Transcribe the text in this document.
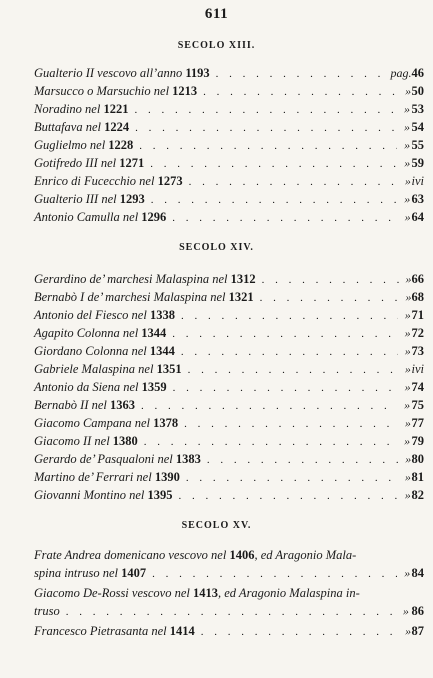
611
SECOLO XIII.
Gualterio II vescovo all’anno 1193 . . .	pag. 46
Marsucco o Marsuchio nel 1213 . . .	» 50
Noradino nel 1221 . . .	» 53
Buttafava nel 1224 . . .	» 54
Guglielmo nel 1228 . . .	» 55
Gotifredo III nel 1271 . . .	» 59
Enrico di Fucecchio nel 1273 . . .	» ivi
Gualterio III nel 1293 . . .	» 63
Antonio Camulla nel 1296 . . .	» 64
SECOLO XIV.
Gerardino de’ marchesi Malaspina nel 1312 . . .	» 66
Bernabò I de’ marchesi Malaspina nel 1321 . . .	» 68
Antonio del Fiesco nel 1338 . . .	» 71
Agapito Colonna nel 1344 . . .	» 72
Giordano Colonna nel 1344 . . .	» 73
Gabriele Malaspina nel 1351 . . .	» ivi
Antonio da Siena nel 1359 . . .	» 74
Bernabò II nel 1363 . . .	» 75
Giacomo Campana nel 1378 . . .	» 77
Giacomo II nel 1380 . . .	» 79
Gerardo de’ Pasqualoni nel 1383 . . .	» 80
Martino de’ Ferrari nel 1390 . . .	» 81
Giovanni Montino nel 1395 . . .	» 82
SECOLO XV.
Frate Andrea domenicano vescovo nel 1406, ed Aragonio Mala-
spina intruso nel 1407 . . .	» 84
Giacomo De-Rossi vescovo nel 1413, ed Aragonio Malaspina in-
truso . . .	» 86
Francesco Pietrasanta nel 1414 . . .	» 87
